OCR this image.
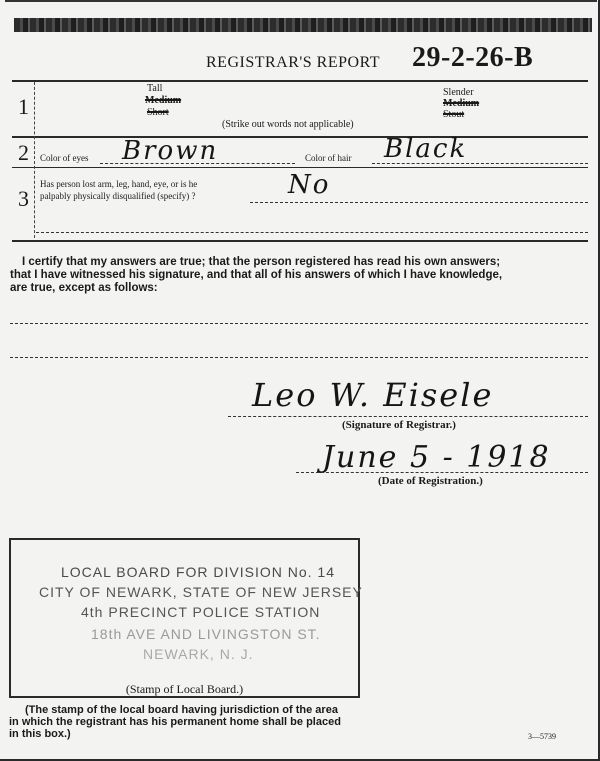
REGISTRAR'S REPORT 29-2-26-B
1
Tall
Medium
Short
Slender
Medium
Stout
(Strike out words not applicable)
2 Color of eyes Brown	Color of hair Black
3
Has person lost arm, leg, hand, eye, or is he
palpably physically disqualified (specify) ?	No
I certify that my answers are true; that the person registered has read his own answers;
that I have witnessed his signature, and that all of his answers of which I have knowledge,
are true, except as follows:
Leo W. Eisele
(Signature of Registrar.)
June 5 - 1918
(Date of Registration.)
LOCAL BOARD FOR DIVISION No. 14
CITY OF NEWARK, STATE OF NEW JERSEY
4th PRECINCT POLICE STATION
18th AVE AND LIVINGSTON ST.
NEWARK, N. J.
(Stamp of Local Board.)
(The stamp of the local board having jurisdiction of the area
in which the registrant has his permanent home shall be placed
in this box.)	3—5739
